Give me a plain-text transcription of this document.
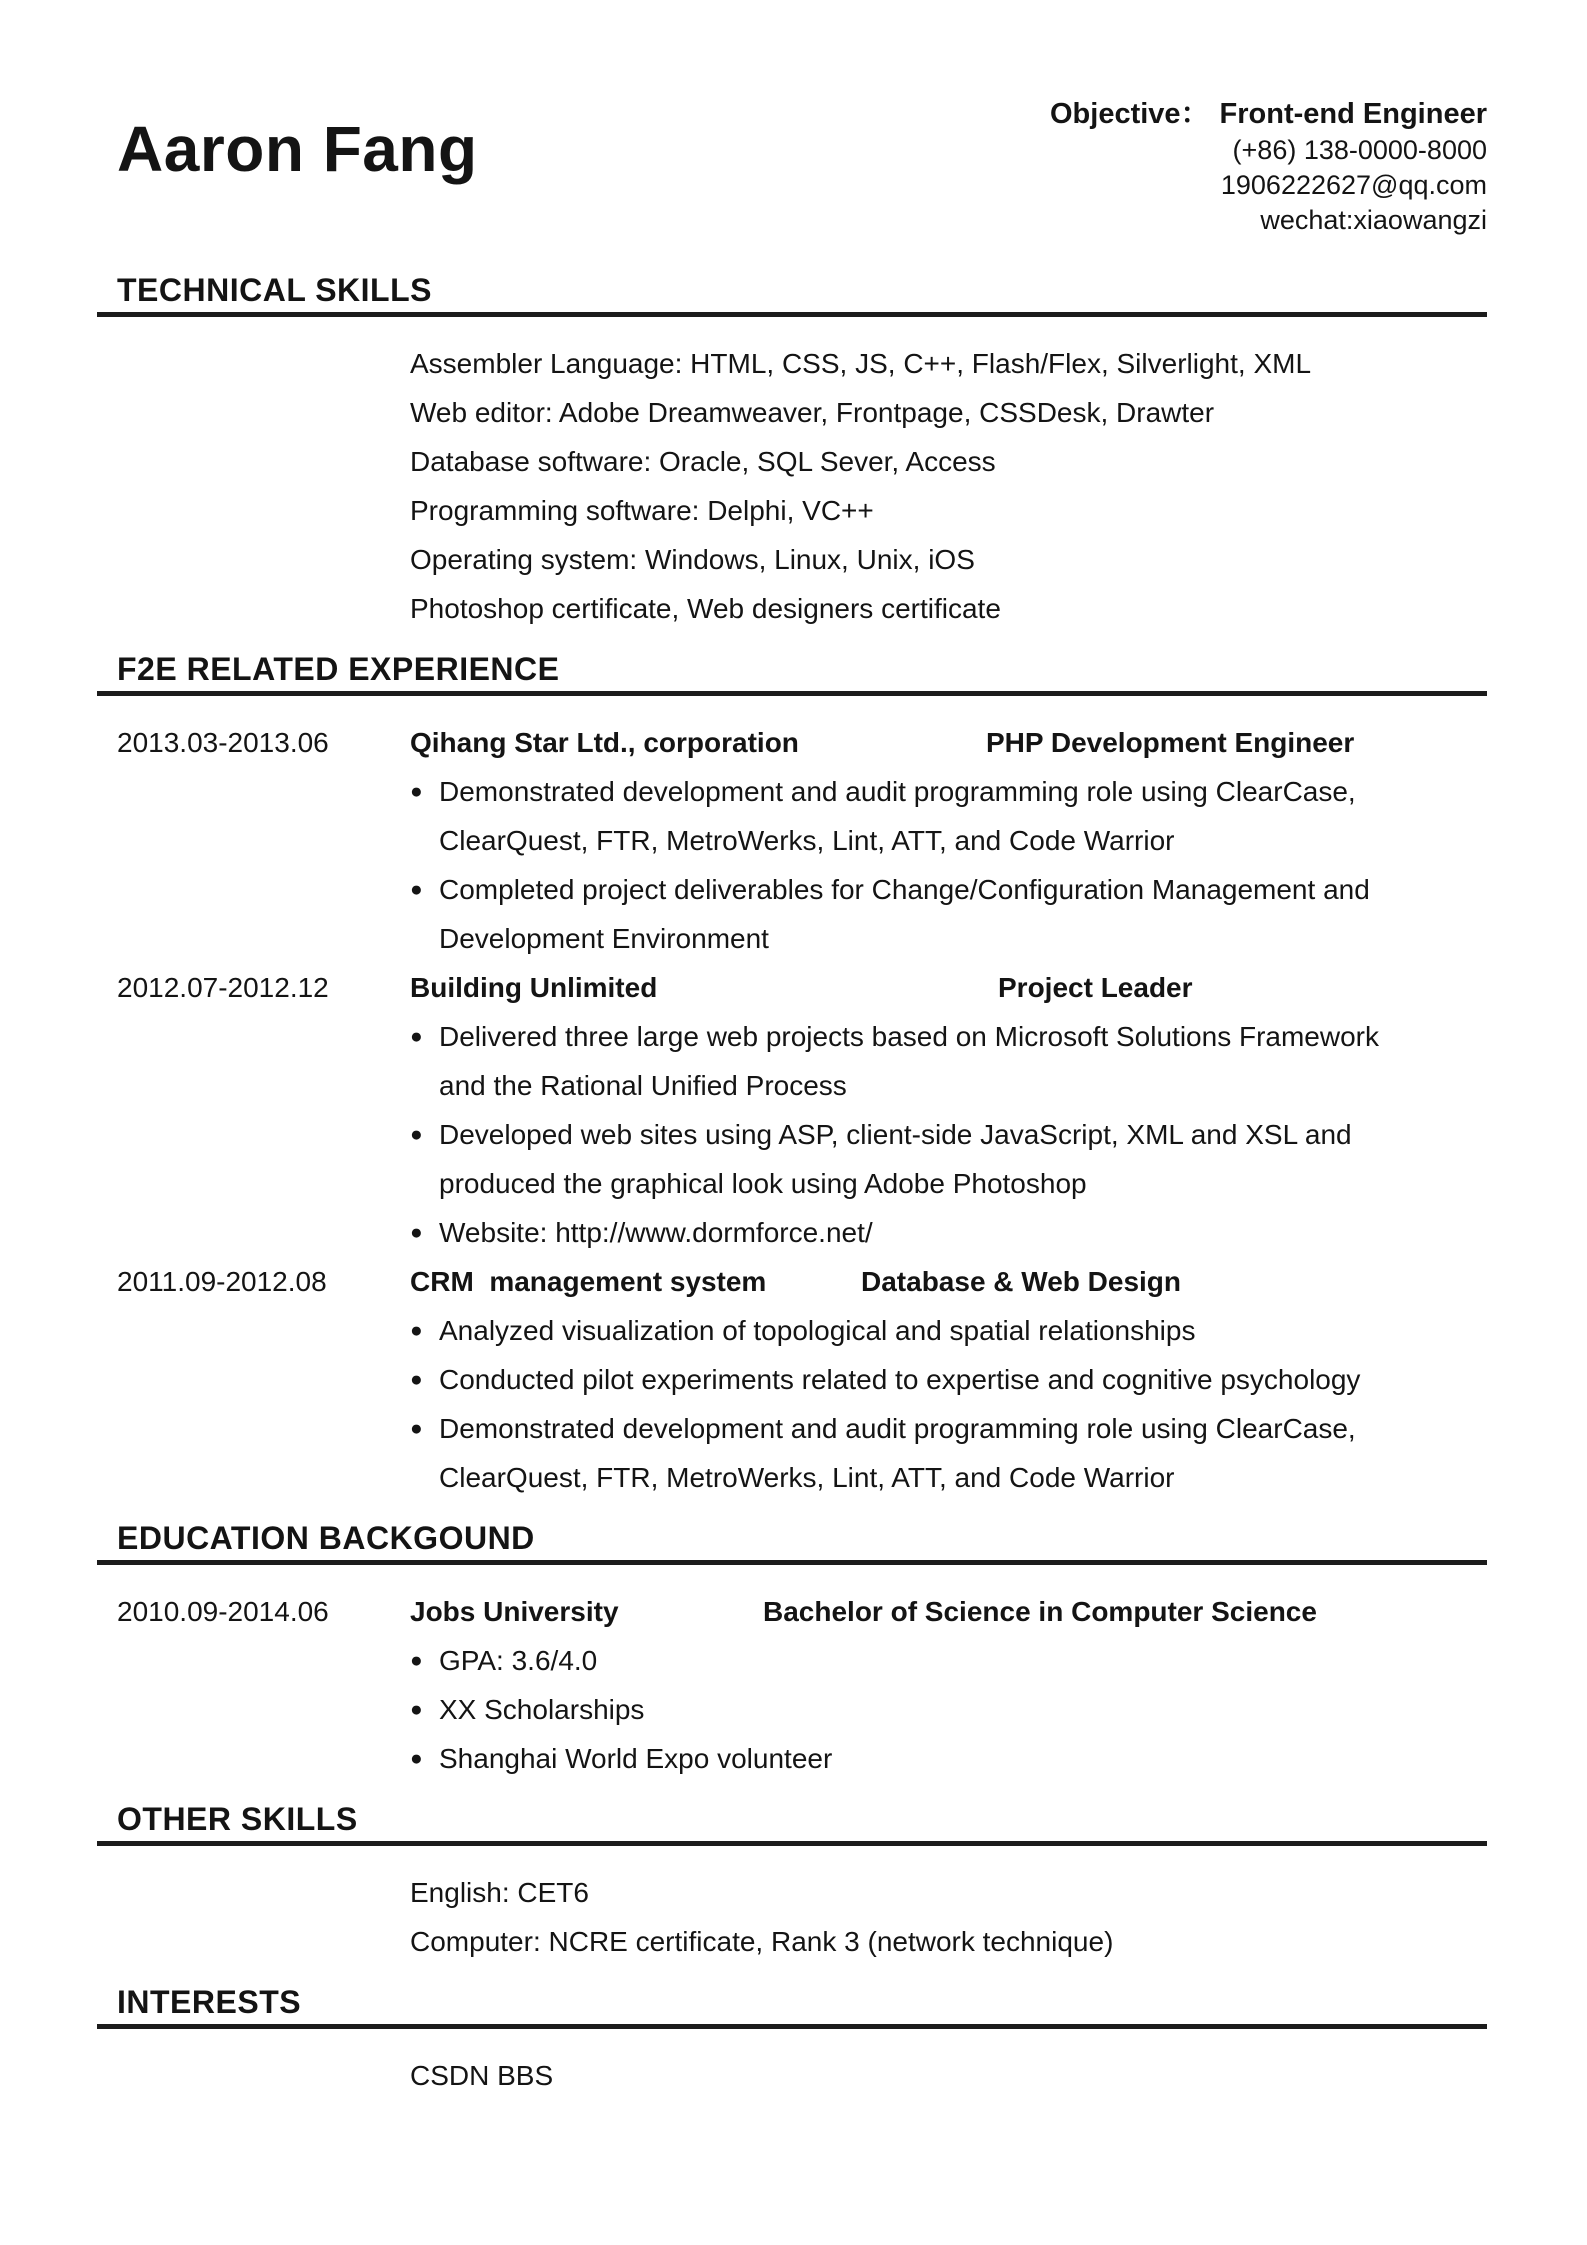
Aaron Fang	Objective： Front-end Engineer
(+86) 138-0000-8000
1906222627@qq.com
wechat:xiaowangzi
TECHNICAL SKILLS
Assembler Language: HTML, CSS, JS, C++, Flash/Flex, Silverlight, XML
Web editor: Adobe Dreamweaver, Frontpage, CSSDesk, Drawter
Database software: Oracle, SQL Sever, Access
Programming software: Delphi, VC++
Operating system: Windows, Linux, Unix, iOS
Photoshop certificate, Web designers certificate
F2E RELATED EXPERIENCE
2013.03-2013.06	Qihang Star Ltd., corporation	PHP Development Engineer
● Demonstrated development and audit programming role using ClearCase, ClearQuest, FTR, MetroWerks, Lint, ATT, and Code Warrior
● Completed project deliverables for Change/Configuration Management and Development Environment
2012.07-2012.12	Building Unlimited	Project Leader
● Delivered three large web projects based on Microsoft Solutions Framework and the Rational Unified Process
● Developed web sites using ASP, client-side JavaScript, XML and XSL and produced the graphical look using Adobe Photoshop
● Website: http://www.dormforce.net/
2011.09-2012.08	CRM  management system	Database & Web Design
● Analyzed visualization of topological and spatial relationships
● Conducted pilot experiments related to expertise and cognitive psychology
● Demonstrated development and audit programming role using ClearCase, ClearQuest, FTR, MetroWerks, Lint, ATT, and Code Warrior
EDUCATION BACKGOUND
2010.09-2014.06	Jobs University	Bachelor of Science in Computer Science
● GPA: 3.6/4.0
● XX Scholarships
● Shanghai World Expo volunteer
OTHER SKILLS
English: CET6
Computer: NCRE certificate, Rank 3 (network technique)
INTERESTS
CSDN BBS
